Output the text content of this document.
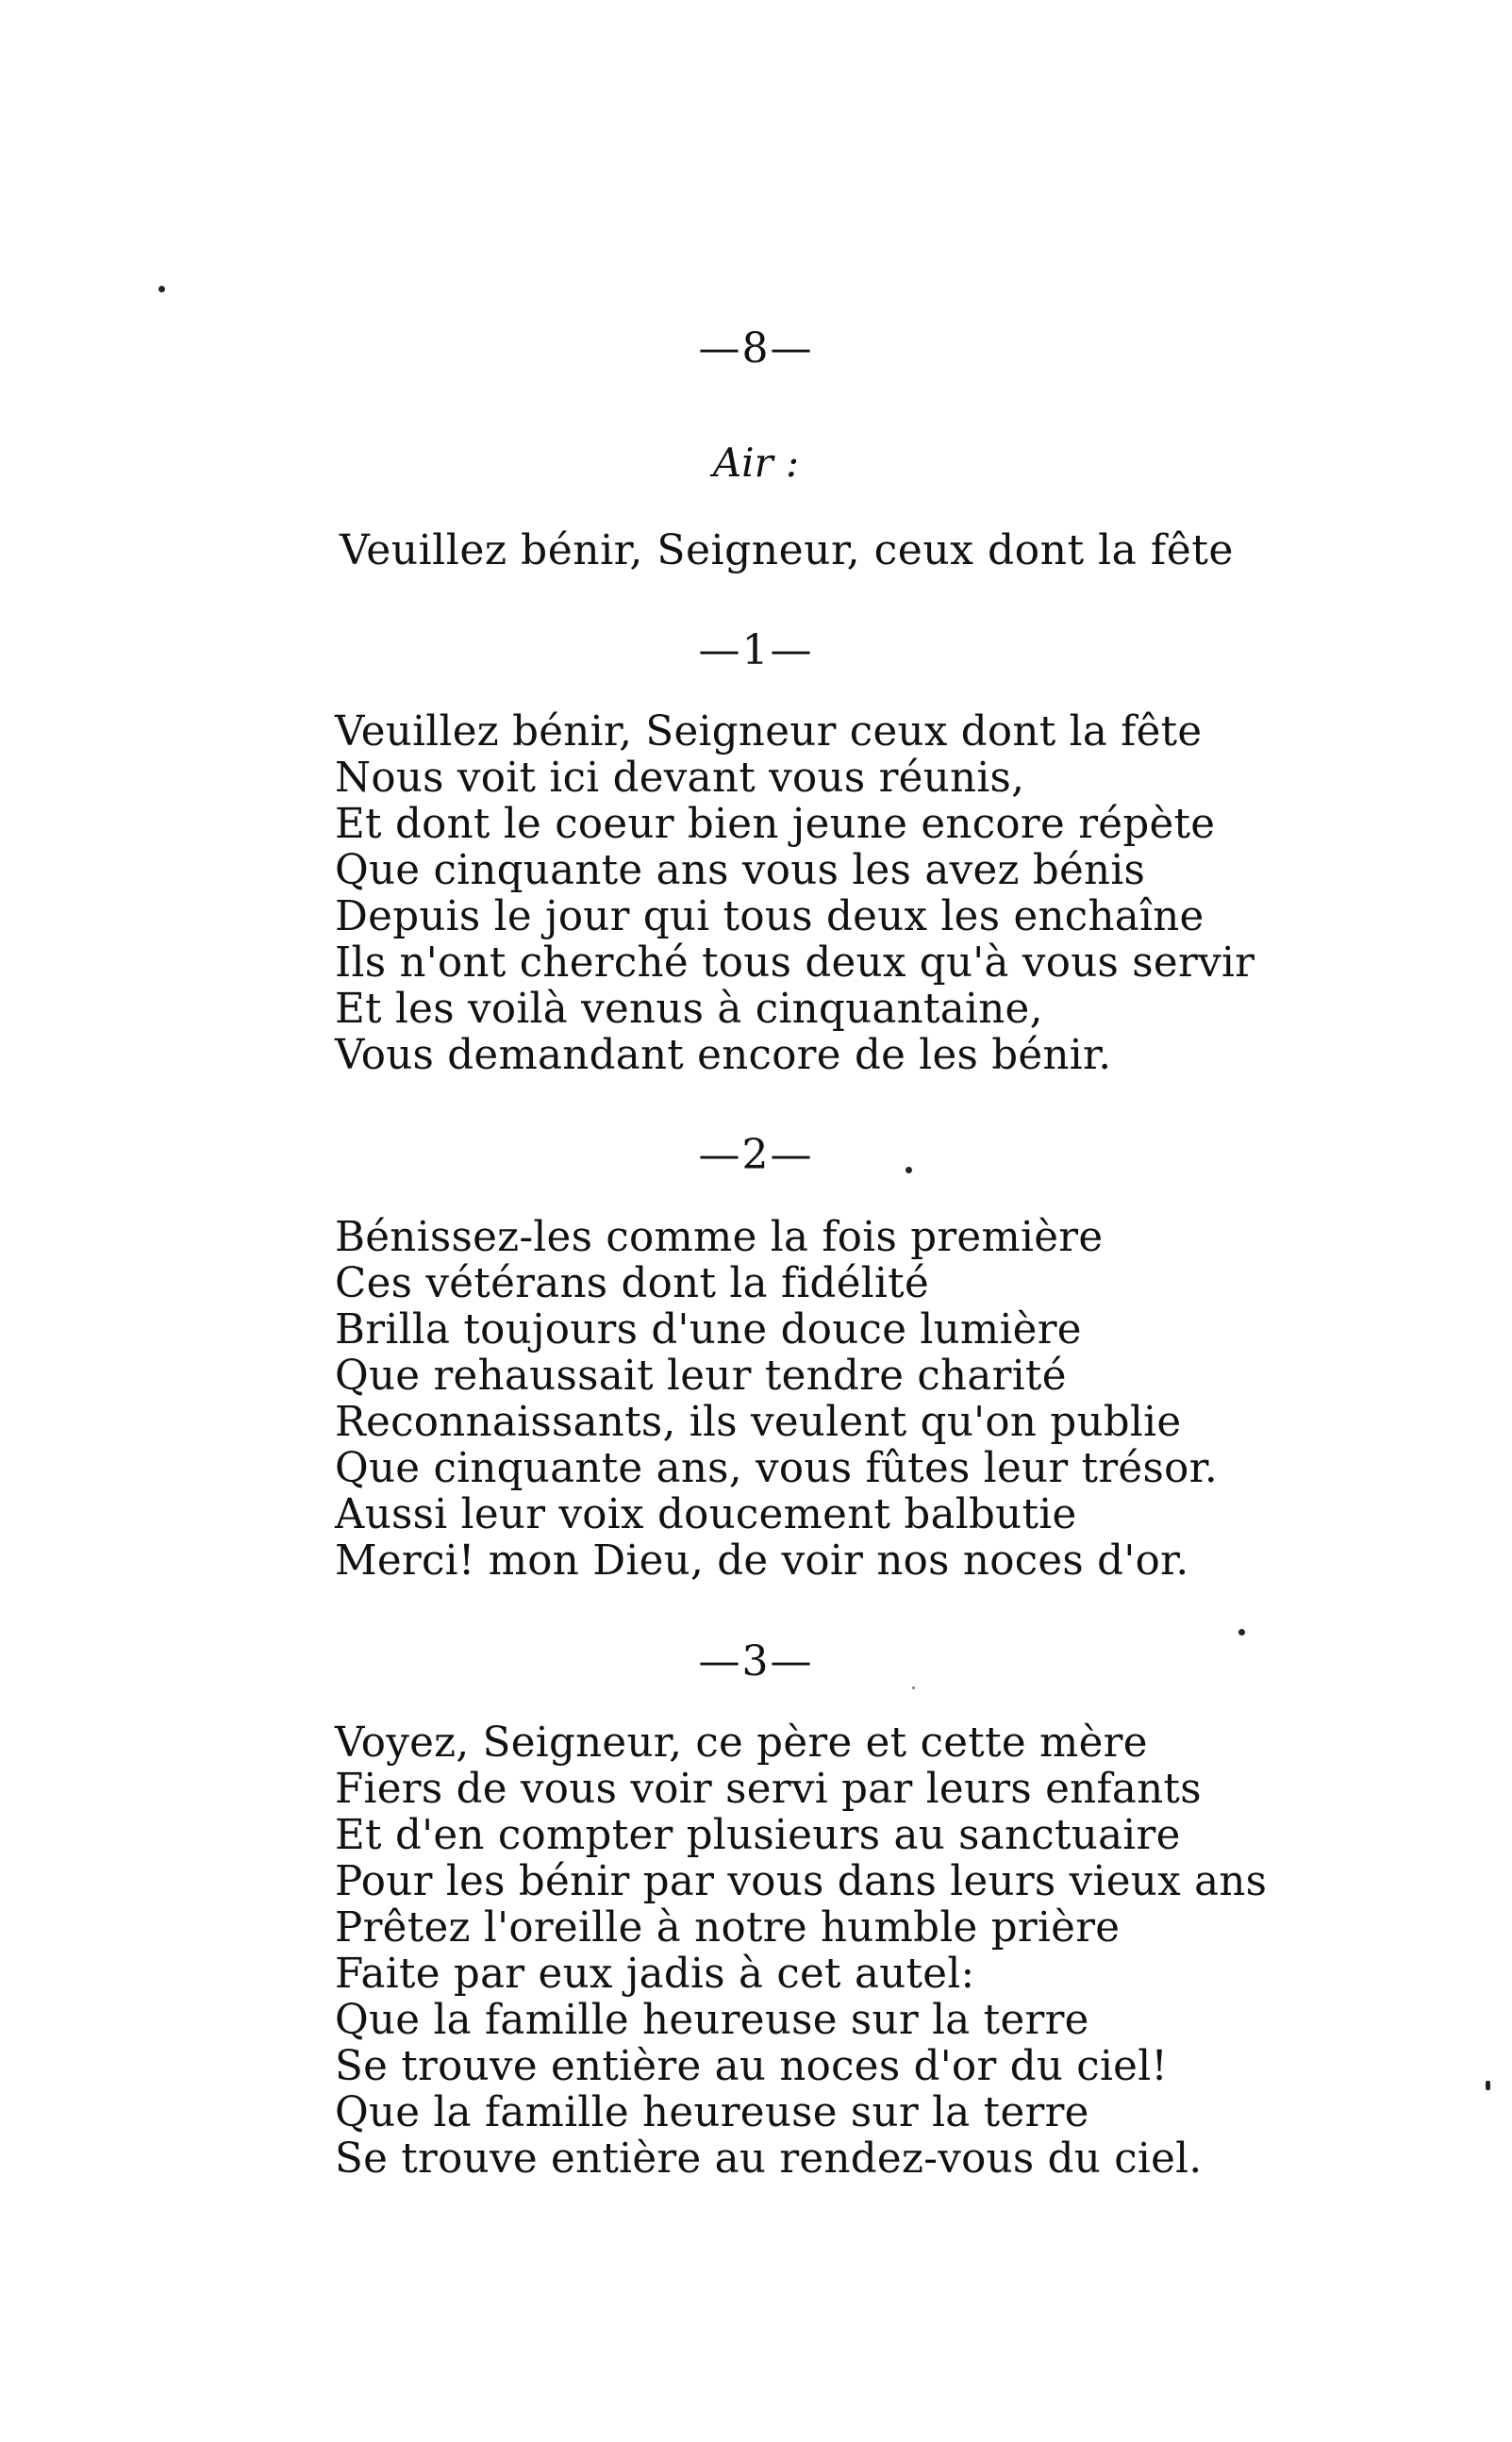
—8—
Air :
Veuillez bénir, Seigneur, ceux dont la fête
—1—
Veuillez bénir, Seigneur ceux dont la fête
Nous voit ici devant vous réunis,
Et dont le coeur bien jeune encore répète
Que cinquante ans vous les avez bénis
Depuis le jour qui tous deux les enchaîne
Ils n'ont cherché tous deux qu'à vous servir
Et les voilà venus à cinquantaine,
Vous demandant encore de les bénir.
—2—
Bénissez-les comme la fois première
Ces vétérans dont la fidélité
Brilla toujours d'une douce lumière
Que rehaussait leur tendre charité
Reconnaissants, ils veulent qu'on publie
Que cinquante ans, vous fûtes leur trésor.
Aussi leur voix doucement balbutie
Merci! mon Dieu, de voir nos noces d'or.
—3—
Voyez, Seigneur, ce père et cette mère
Fiers de vous voir servi par leurs enfants
Et d'en compter plusieurs au sanctuaire
Pour les bénir par vous dans leurs vieux ans
Prêtez l'oreille à notre humble prière
Faite par eux jadis à cet autel:
Que la famille heureuse sur la terre
Se trouve entière au noces d'or du ciel!
Que la famille heureuse sur la terre
Se trouve entière au rendez-vous du ciel.
